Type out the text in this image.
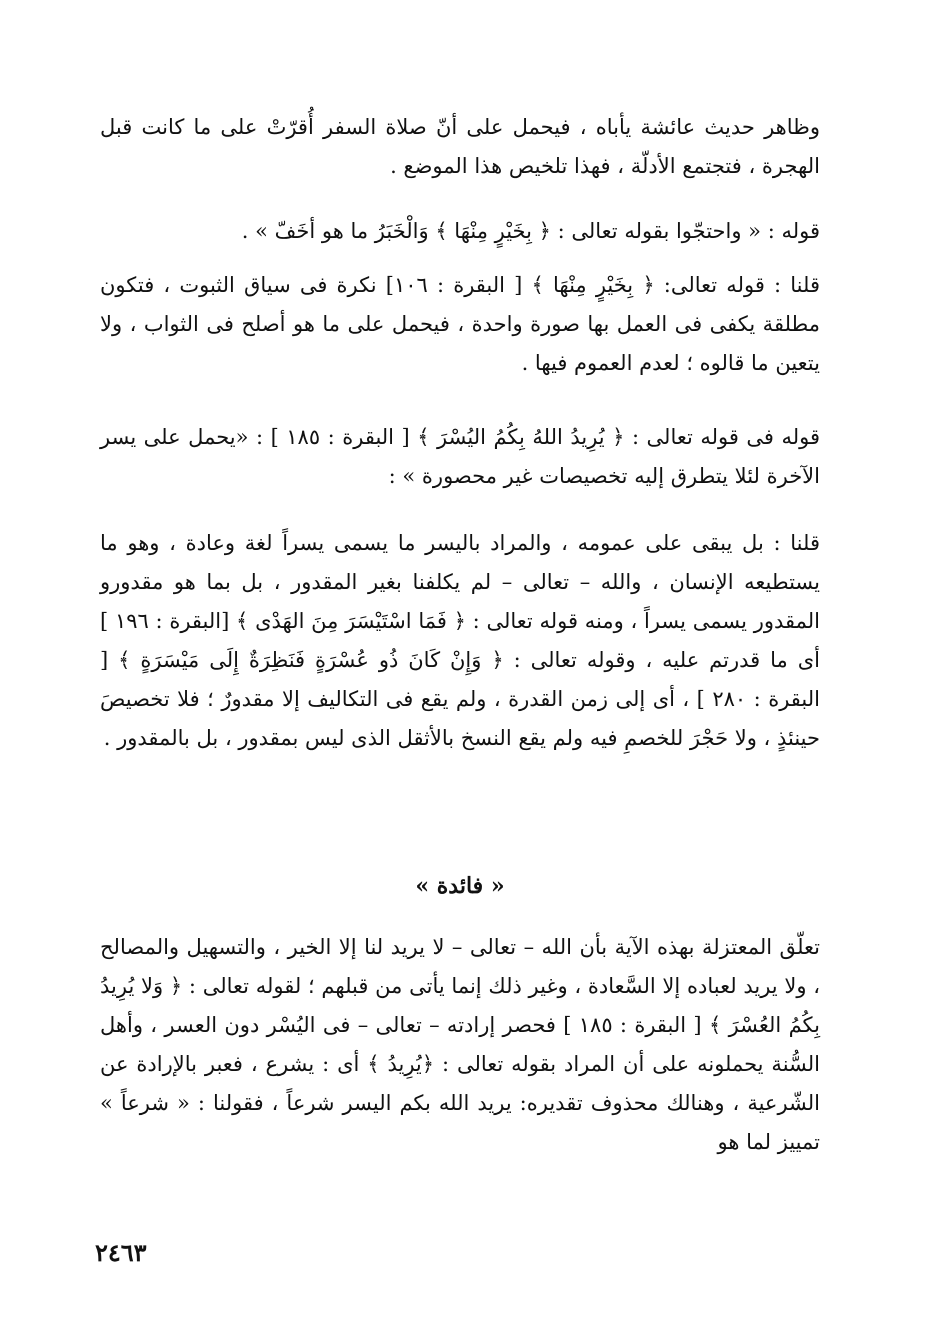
وظاهر حديث عائشة يأباه ، فيحمل على أنّ صلاة السفر أُقرّتْ على ما كانت قبل الهجرة ، فتجتمع الأدلّة ، فهذا تلخيص هذا الموضع .

قوله : « واحتجّوا بقوله تعالى : ﴿ بِخَيْرٍ مِنْهَا ﴾ وَالْخَبَرُ ما هو أخَفّ » .

قلنا : قوله تعالى: ﴿ بِخَيْرٍ مِنْهَا ﴾ [ البقرة : ١٠٦] نكرة فى سياق الثبوت ، فتكون مطلقة يكفى فى العمل بها صورة واحدة ، فيحمل على ما هو أصلح فى الثواب ، ولا يتعين ما قالوه ؛ لعدم العموم فيها .

قوله فى قوله تعالى : ﴿ يُرِيدُ اللهُ بِكُمُ اليُسْرَ ﴾ [ البقرة : ١٨٥ ] : «يحمل على يسر الآخرة لئلا يتطرق إليه تخصيصات غير محصورة » :

قلنا : بل يبقى على عمومه ، والمراد باليسر ما يسمى يسراً لغة وعادة ، وهو ما يستطيعه الإنسان ، والله – تعالى – لم يكلفنا بغير المقدور ، بل بما هو مقدورو المقدور يسمى يسراً ، ومنه قوله تعالى : ﴿ فَمَا اسْتَيْسَرَ مِنَ الهَدْى ﴾ [البقرة : ١٩٦ ] أى ما قدرتم عليه ، وقوله تعالى : ﴿ وَإِنْ كَانَ ذُو عُسْرَةٍ فَنَظِرَةٌ إِلَى مَيْسَرَةٍ ﴾ [ البقرة : ٢٨٠ ] ، أى إلى زمن القدرة ، ولم يقع فى التكاليف إلا مقدورٌ ؛ فلا تخصيصَ حينئذٍ ، ولا حَجْرَ للخصمِ فيه ولم يقع النسخ بالأثقل الذى ليس بمقدور ، بل بالمقدور .

« فائدة »

تعلّق المعتزلة بهذه الآية بأن الله – تعالى – لا يريد لنا إلا الخير ، والتسهيل والمصالح ، ولا يريد لعباده إلا السَّعادة ، وغير ذلك إنما يأتى من قبلهم ؛ لقوله تعالى : ﴿ وَلا يُرِيدُ بِكُمُ العُسْرَ ﴾ [ البقرة : ١٨٥ ] فحصر إرادته – تعالى – فى اليُسْر دون العسر ، وأهل السُّنة يحملونه على أن المراد بقوله تعالى : ﴿يُرِيدُ ﴾ أى : يشرع ، فعبر بالإرادة عن الشّرعية ، وهنالك محذوف تقديره: يريد الله بكم اليسر شرعاً ، فقولنا : « شرعاً » تمييز لما هو

٢٤٦٣
